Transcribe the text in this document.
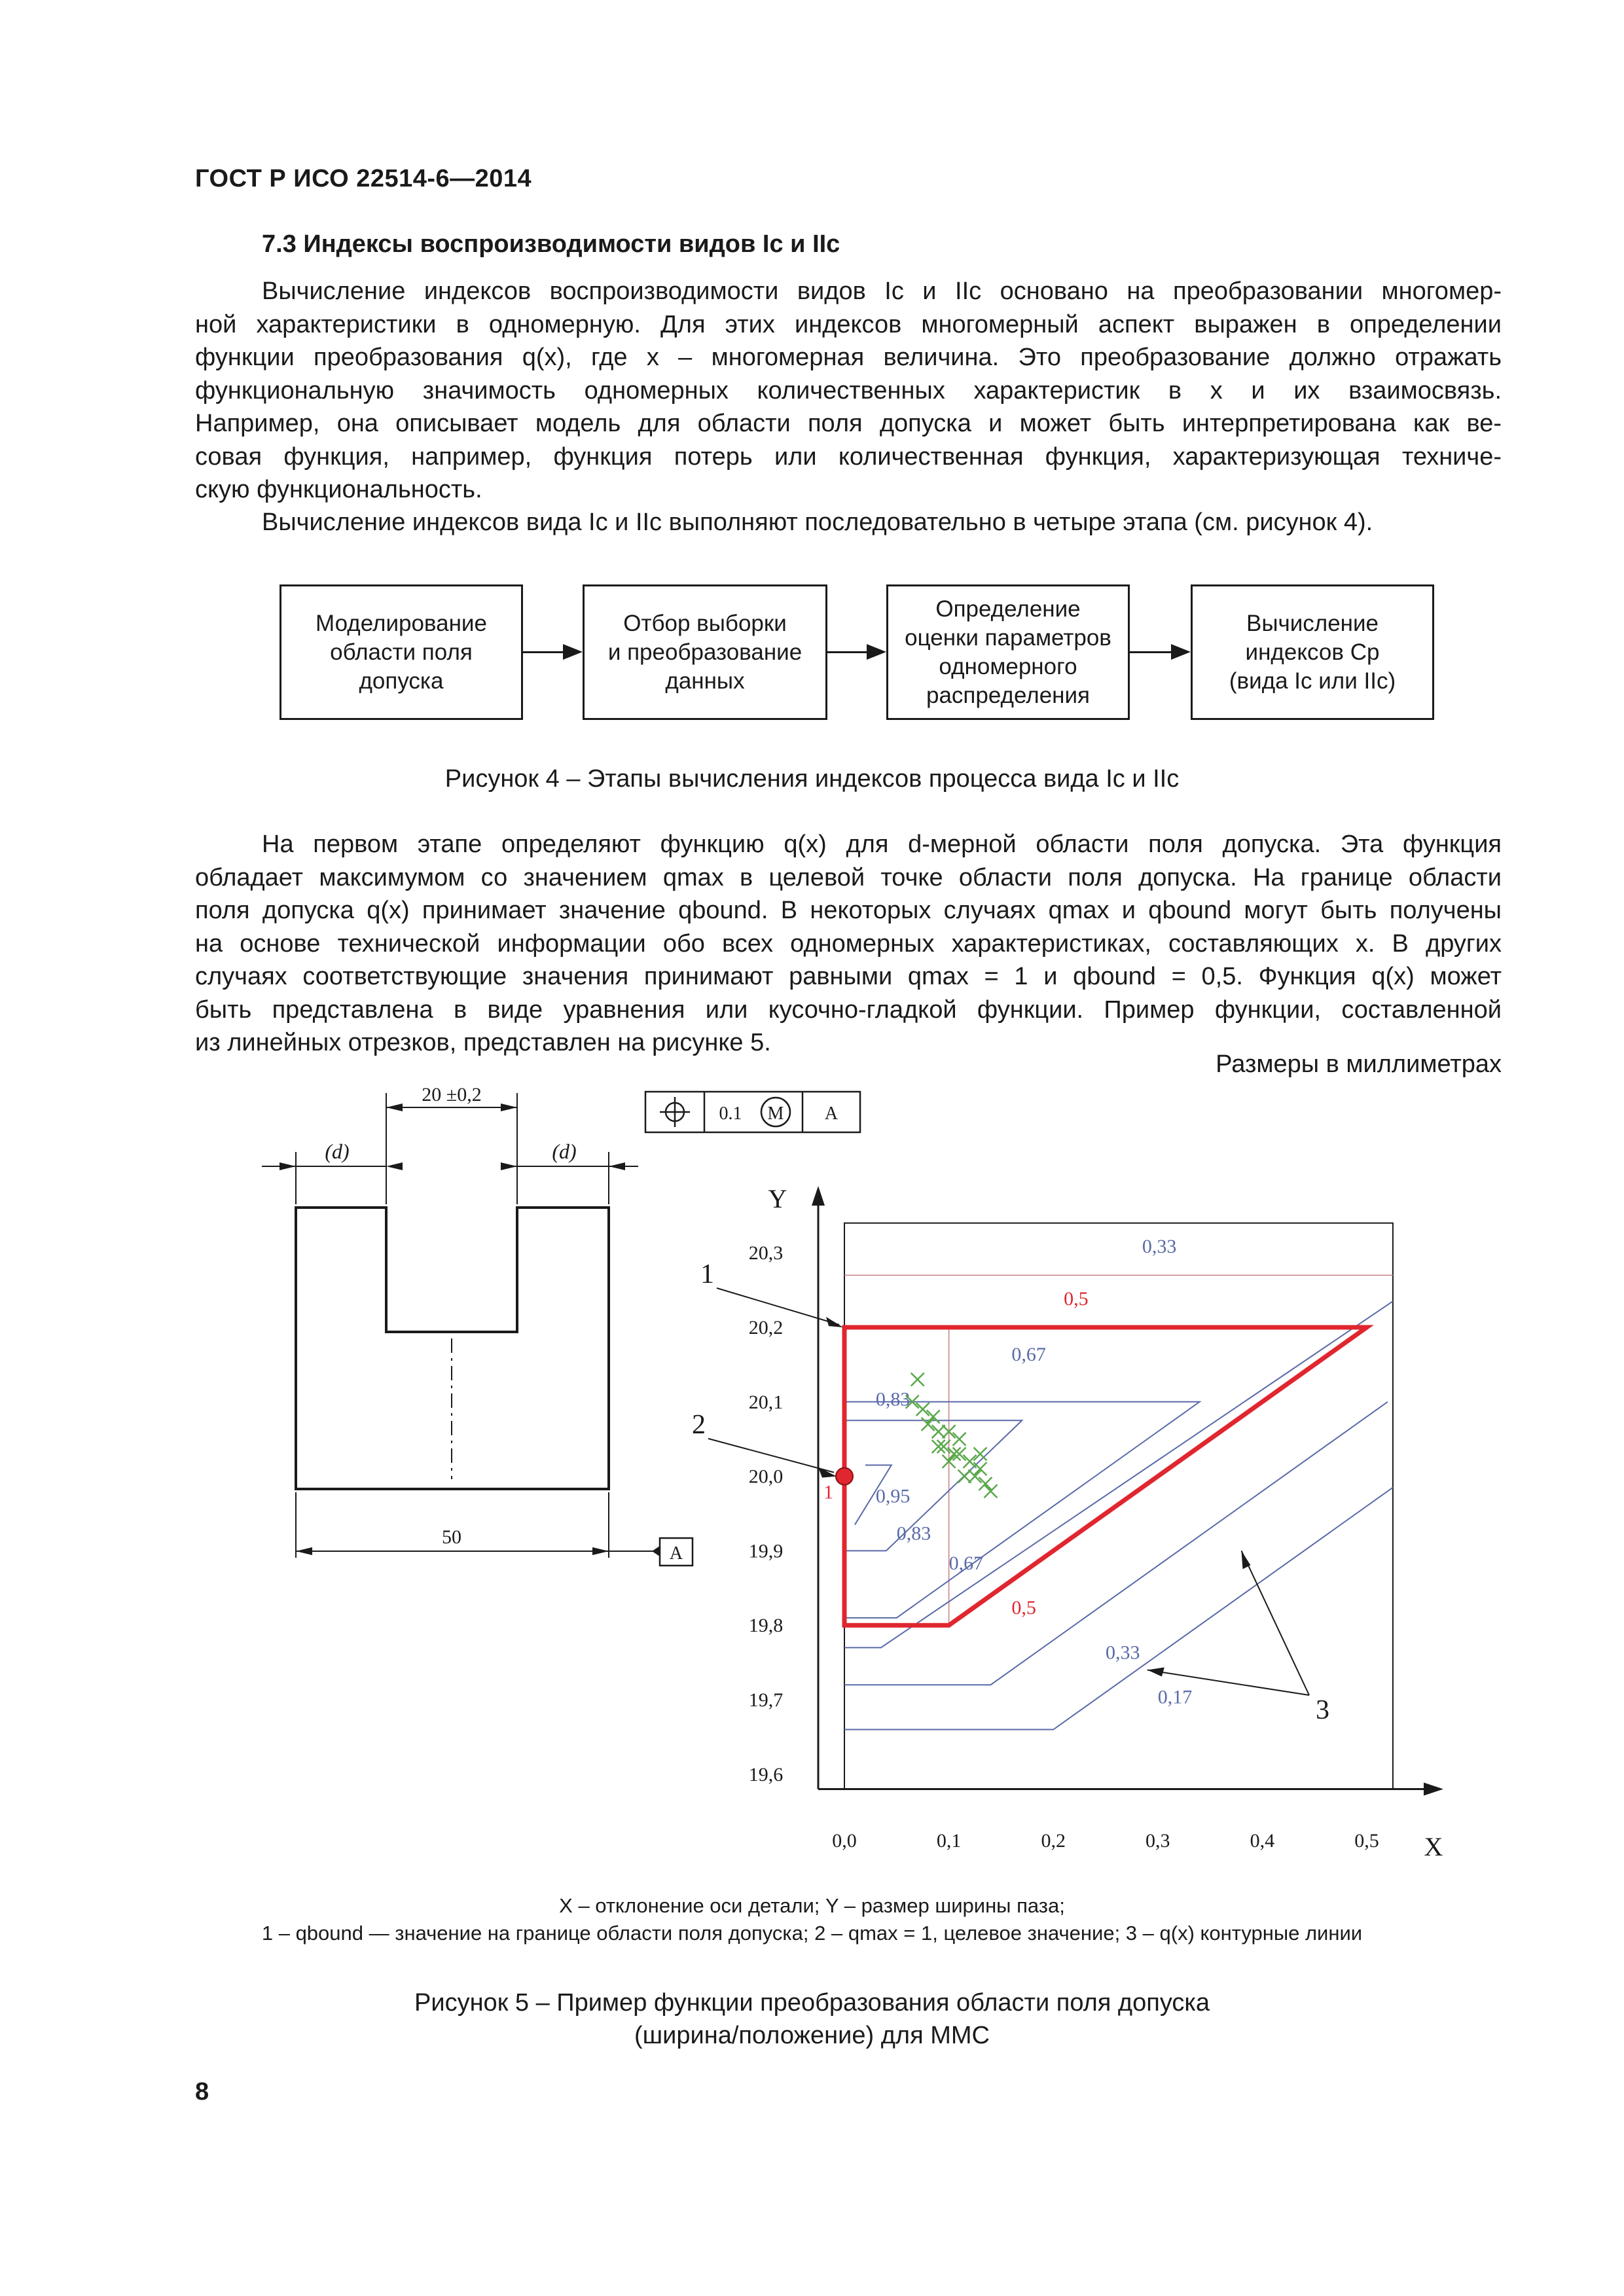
ГОСТ Р ИСО 22514-6—2014
7.3 Индексы воспроизводимости видов Ic и IIc
Вычисление индексов воспроизводимости видов Ic и IIc основано на преобразовании многомер-
ной характеристики в одномерную. Для этих индексов многомерный аспект выражен в определении
функции преобразования q(x), где x – многомерная величина. Это преобразование должно отражать
функциональную значимость одномерных количественных характеристик в x и их взаимосвязь.
Например, она описывает модель для области поля допуска и может быть интерпретирована как ве-
совая функция, например, функция потерь или количественная функция, характеризующая техниче-
скую функциональность.
Вычисление индексов вида Ic и IIc выполняют последовательно в четыре этапа (см. рисунок 4).
Моделирование
области поля
допуска
Отбор выборки
и преобразование
данных
Определение
оценки параметров
одномерного
распределения
Вычисление
индексов Cp
(вида Ic или IIc)
Рисунок 4 – Этапы вычисления индексов процесса вида Ic и IIc
На первом этапе определяют функцию q(x) для d-мерной области поля допуска. Эта функция
обладает максимумом со значением qmax в целевой точке области поля допуска. На границе области
поля допуска q(x) принимает значение qbound. В некоторых случаях qmax и qbound могут быть получены
на основе технической информации обо всех одномерных характеристиках, составляющих x. В других
случаях соответствующие значения принимают равными qmax = 1 и qbound = 0,5. Функция q(x) может
быть представлена в виде уравнения или кусочно-гладкой функции. Пример функции, составленной
из линейных отрезков, представлен на рисунке 5.
Размеры в миллиметрах
20 ±0,2
(d)	(d)
50
A
0.1 M A
X
Y
0,0	0,1	0,2	0,3	0,4	0,5
20,3
20,2
20,1
20,0
19,9
19,8
19,7
19,6
0,33
0,5
0,67
0,83
0,95
0,83
0,67
0,5
0,33
0,17
1
1
2
3
X – отклонение оси детали; Y – размер ширины паза;
1 – qbound — значение на границе области поля допуска; 2 – qmax = 1, целевое значение; 3 – q(x) контурные линии
Рисунок 5 – Пример функции преобразования области поля допуска
(ширина/положение) для ММС
8
